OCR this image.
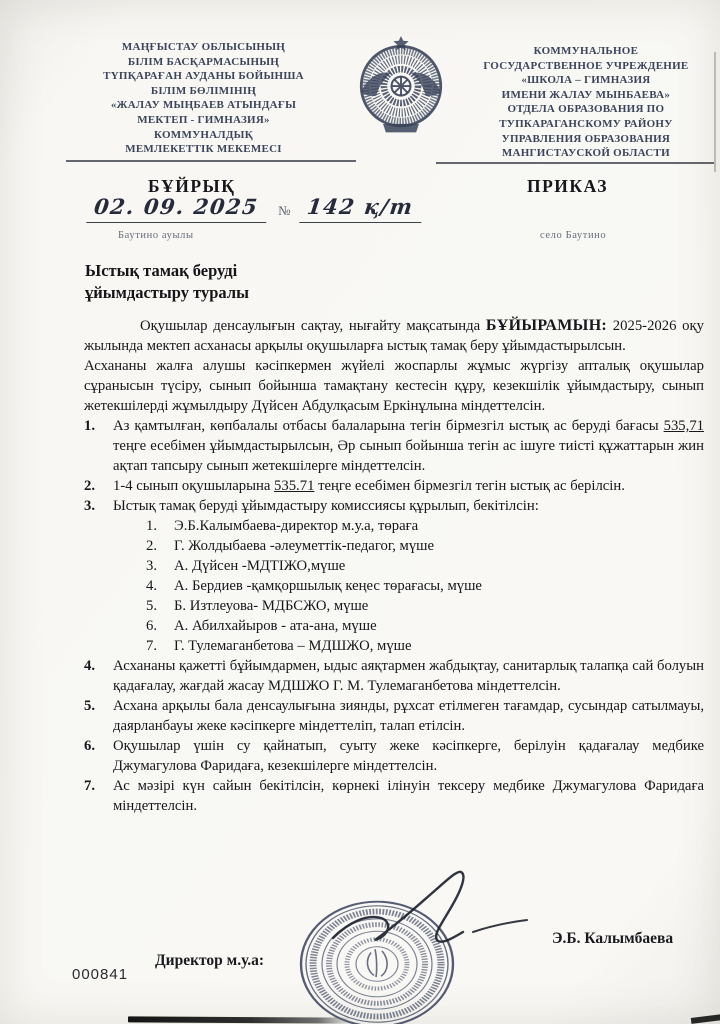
МАҢҒЫСТАУ ОБЛЫСЫНЫҢ
БІЛІМ БАСҚАРМАСЫНЫҢ
ТҮПҚАРАҒАН АУДАНЫ БОЙЫНША
БІЛІМ БӨЛІМІНІҢ
«ЖАЛАУ МЫҢБАЕВ АТЫНДАҒЫ
МЕКТЕП - ГИМНАЗИЯ»
КОММУНАЛДЫҚ
МЕМЛЕКЕТТІК МЕКЕМЕСІ
КОММУНАЛЬНОЕ
ГОСУДАРСТВЕННОЕ УЧРЕЖДЕНИЕ
«ШКОЛА – ГИМНАЗИЯ
ИМЕНИ ЖАЛАУ МЫНБАЕВА»
ОТДЕЛА ОБРАЗОВАНИЯ ПО
ТУПКАРАГАНСКОМУ РАЙОНУ
УПРАВЛЕНИЯ ОБРАЗОВАНИЯ
МАНГИСТАУСКОЙ ОБЛАСТИ
БҰЙРЫҚ	ПРИКАЗ
02. 09. 2025	№ 142 қ/т
Баутино ауылы	село Баутино
Ыстық тамақ беруді
ұйымдастыру туралы

Оқушылар денсаулығын сақтау, нығайту мақсатында БҰЙЫРАМЫН: 2025-2026 оқу жылында мектеп асханасы арқылы оқушыларға ыстық тамақ беру ұйымдастырылсын.

Асхананы жалға алушы кәсіпкермен жүйелі жоспарлы жұмыс жүргізу апталық оқушылар сұранысын түсіру, сынып бойынша тамақтану кестесін құру, кезекшілік ұйымдастыру, сынып жетекшілерді жұмылдыру Дүйсен Абдулқасым Еркінұлына міндеттелсін.

1.	Аз қамтылған, көпбалалы отбасы балаларына тегін бірмезгіл ыстық ас беруді бағасы 535,71 теңге есебімен ұйымдастырылсын, Әр сынып бойынша тегін ас ішуге тиісті құжаттарын жин ақтап тапсыру сынып жетекшілерге міндеттелсін.
2.	1-4 сынып оқушыларына 535.71 теңге есебімен бірмезгіл тегін ыстық ас берілсін.
3.	Ыстық тамақ беруді ұйымдастыру комиссиясы құрылып, бекітілсін:
1.	Э.Б.Калымбаева-директор м.у.а, төраға
2.	Г. Жолдыбаева -әлеуметтік-педагог, мүше
3.	А. Дүйсен -МДТІЖО,мүше
4.	А. Бердиев -қамқоршылық кеңес төрағасы, мүше
5.	Б. Изтлеуова- МДБСЖО, мүше
6.	А. Абилхайыров - ата-ана, мүше
7.	Г. Тулемаганбетова – МДШЖО, мүше
4.	Асхананы қажетті бұйымдармен, ыдыс аяқтармен жабдықтау, санитарлық талапқа сай болуын қадағалау, жағдай жасау МДШЖО Г. М. Тулемаганбетова міндеттелсін.
5.	Асхана арқылы бала денсаулығына зиянды, рұхсат етілмеген тағамдар, сусындар сатылмауы, даярланбауы жеке кәсіпкерге міндеттеліп, талап етілсін.
6.	Оқушылар үшін су қайнатып, суыту жеке кәсіпкерге, берілуін қадағалау медбике Джумагулова Фаридаға, кезекшілерге міндеттелсін.
7.	Ас мәзірі күн сайын бекітілсін, көрнекі ілінуін тексеру медбике Джумагулова Фаридаға міндеттелсін.
Директор м.у.а:
Э.Б. Калымбаева
000841
